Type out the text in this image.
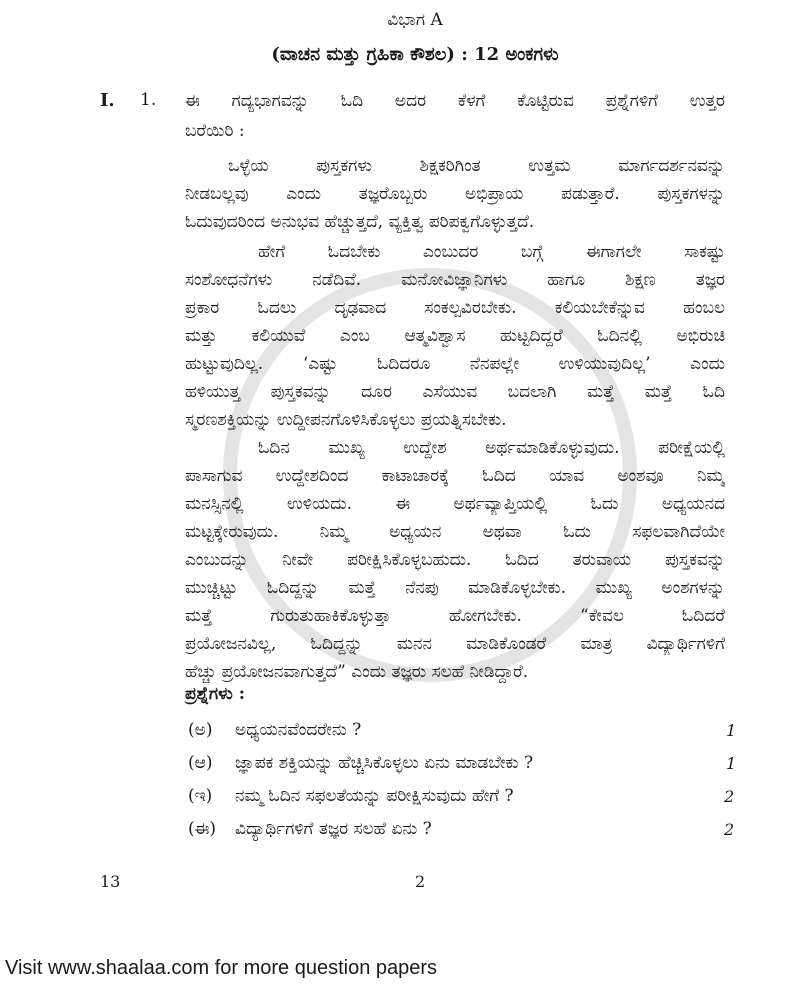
ವಿಭಾಗ A
(ವಾಚನ ಮತ್ತು ಗ್ರಹಿಕಾ ಕೌಶಲ) : 12 ಅಂಕಗಳು
I. 1. ಈ ಗದ್ಯಭಾಗವನ್ನು ಓದಿ ಅದರ ಕೆಳಗೆ ಕೊಟ್ಟಿರುವ ಪ್ರಶ್ನೆಗಳಿಗೆ ಉತ್ತರ
ಬರೆಯಿರಿ :
ಒಳ್ಳೆಯ ಪುಸ್ತಕಗಳು ಶಿಕ್ಷಕರಿಗಿಂತ ಉತ್ತಮ ಮಾರ್ಗದರ್ಶನವನ್ನು
ನೀಡಬಲ್ಲವು ಎಂದು ತಜ್ಞರೊಬ್ಬರು ಅಭಿಪ್ರಾಯ ಪಡುತ್ತಾರೆ. ಪುಸ್ತಕಗಳನ್ನು
ಓದುವುದರಿಂದ ಅನುಭವ ಹೆಚ್ಚುತ್ತದೆ, ವ್ಯಕ್ತಿತ್ವ ಪರಿಪಕ್ವಗೊಳ್ಳುತ್ತದೆ.
ಹೇಗೆ ಓದಬೇಕು ಎಂಬುದರ ಬಗ್ಗೆ ಈಗಾಗಲೇ ಸಾಕಷ್ಟು
ಸಂಶೋಧನೆಗಳು ನಡೆದಿವೆ. ಮನೋವಿಜ್ಞಾನಿಗಳು ಹಾಗೂ ಶಿಕ್ಷಣ ತಜ್ಞರ
ಪ್ರಕಾರ ಓದಲು ದೃಢವಾದ ಸಂಕಲ್ಪವಿರಬೇಕು. ಕಲಿಯಬೇಕೆನ್ನುವ ಹಂಬಲ
ಮತ್ತು ಕಲಿಯುವೆ ಎಂಬ ಆತ್ಮವಿಶ್ವಾಸ ಹುಟ್ಟದಿದ್ದರೆ ಓದಿನಲ್ಲಿ ಅಭಿರುಚಿ
ಹುಟ್ಟುವುದಿಲ್ಲ. ‘ಎಷ್ಟು ಓದಿದರೂ ನೆನಪಲ್ಲೇ ಉಳಿಯುವುದಿಲ್ಲ’ ಎಂದು
ಹಳಿಯುತ್ತ ಪುಸ್ತಕವನ್ನು ದೂರ ಎಸೆಯುವ ಬದಲಾಗಿ ಮತ್ತೆ ಮತ್ತೆ ಓದಿ
ಸ್ಮರಣಶಕ್ತಿಯನ್ನು ಉದ್ದೀಪನಗೊಳಿಸಿಕೊಳ್ಳಲು ಪ್ರಯತ್ನಿಸಬೇಕು.
ಓದಿನ ಮುಖ್ಯ ಉದ್ದೇಶ ಅರ್ಥಮಾಡಿಕೊಳ್ಳುವುದು. ಪರೀಕ್ಷೆಯಲ್ಲಿ
ಪಾಸಾಗುವ ಉದ್ದೇಶದಿಂದ ಕಾಟಾಚಾರಕ್ಕೆ ಓದಿದ ಯಾವ ಅಂಶವೂ ನಿಮ್ಮ
ಮನಸ್ಸಿನಲ್ಲಿ ಉಳಿಯದು. ಈ ಅರ್ಥವ್ಯಾಪ್ತಿಯಲ್ಲಿ ಓದು ಅಧ್ಯಯನದ
ಮಟ್ಟಕ್ಕೇರುವುದು. ನಿಮ್ಮ ಅಧ್ಯಯನ ಅಥವಾ ಓದು ಸಫಲವಾಗಿದೆಯೇ
ಎಂಬುದನ್ನು ನೀವೇ ಪರೀಕ್ಷಿಸಿಕೊಳ್ಳಬಹುದು. ಓದಿದ ತರುವಾಯ ಪುಸ್ತಕವನ್ನು
ಮುಚ್ಚಿಟ್ಟು ಓದಿದ್ದನ್ನು ಮತ್ತೆ ನೆನಪು ಮಾಡಿಕೊಳ್ಳಬೇಕು. ಮುಖ್ಯ ಅಂಶಗಳನ್ನು
ಮತ್ತೆ ಗುರುತುಹಾಕಿಕೊಳ್ಳುತ್ತಾ ಹೋಗಬೇಕು. “ಕೇವಲ ಓದಿದರೆ
ಪ್ರಯೋಜನವಿಲ್ಲ, ಓದಿದ್ದನ್ನು ಮನನ ಮಾಡಿಕೊಂಡರೆ ಮಾತ್ರ ವಿದ್ಯಾರ್ಥಿಗಳಿಗೆ
ಹೆಚ್ಚು ಪ್ರಯೋಜನವಾಗುತ್ತದೆ” ಎಂದು ತಜ್ಞರು ಸಲಹೆ ನೀಡಿದ್ದಾರೆ.
ಪ್ರಶ್ನೆಗಳು :
(ಅ) ಅಧ್ಯಯನವೆಂದರೇನು ?	1
(ಆ) ಜ್ಞಾಪಕ ಶಕ್ತಿಯನ್ನು ಹೆಚ್ಚಿಸಿಕೊಳ್ಳಲು ಏನು ಮಾಡಬೇಕು ?	1
(ಇ) ನಮ್ಮ ಓದಿನ ಸಫಲತೆಯನ್ನು ಪರೀಕ್ಷಿಸುವುದು ಹೇಗೆ ?	2
(ಈ) ವಿದ್ಯಾರ್ಥಿಗಳಿಗೆ ತಜ್ಞರ ಸಲಹೆ ಏನು ?	2
13	2
Visit www.shaalaa.com for more question papers
